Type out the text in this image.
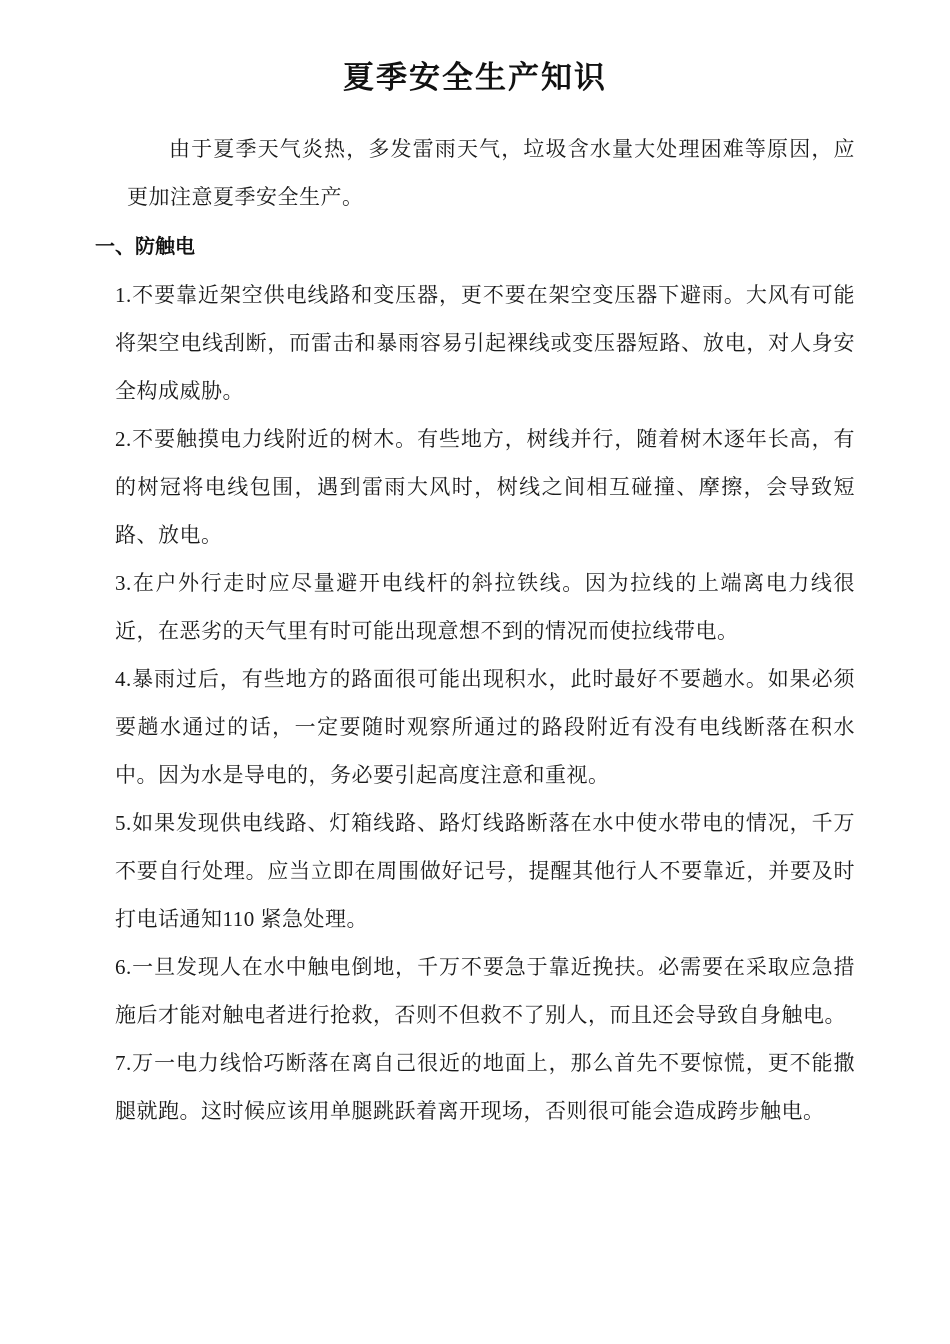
夏季安全生产知识

由于夏季天气炎热，多发雷雨天气，垃圾含水量大处理困难等原因，应更加注意夏季安全生产。

一、防触电

1.不要靠近架空供电线路和变压器，更不要在架空变压器下避雨。大风有可能将架空电线刮断，而雷击和暴雨容易引起裸线或变压器短路、放电，对人身安全构成威胁。

2.不要触摸电力线附近的树木。有些地方，树线并行，随着树木逐年长高，有的树冠将电线包围，遇到雷雨大风时，树线之间相互碰撞、摩擦，会导致短路、放电。

3.在户外行走时应尽量避开电线杆的斜拉铁线。因为拉线的上端离电力线很近，在恶劣的天气里有时可能出现意想不到的情况而使拉线带电。

4.暴雨过后，有些地方的路面很可能出现积水，此时最好不要趟水。如果必须要趟水通过的话，一定要随时观察所通过的路段附近有没有电线断落在积水中。因为水是导电的，务必要引起高度注意和重视。

5.如果发现供电线路、灯箱线路、路灯线路断落在水中使水带电的情况，千万不要自行处理。应当立即在周围做好记号，提醒其他行人不要靠近，并要及时打电话通知110 紧急处理。

6.一旦发现人在水中触电倒地，千万不要急于靠近挽扶。必需要在采取应急措施后才能对触电者进行抢救，否则不但救不了别人，而且还会导致自身触电。

7.万一电力线恰巧断落在离自己很近的地面上，那么首先不要惊慌，更不能撒腿就跑。这时候应该用单腿跳跃着离开现场，否则很可能会造成跨步触电。
